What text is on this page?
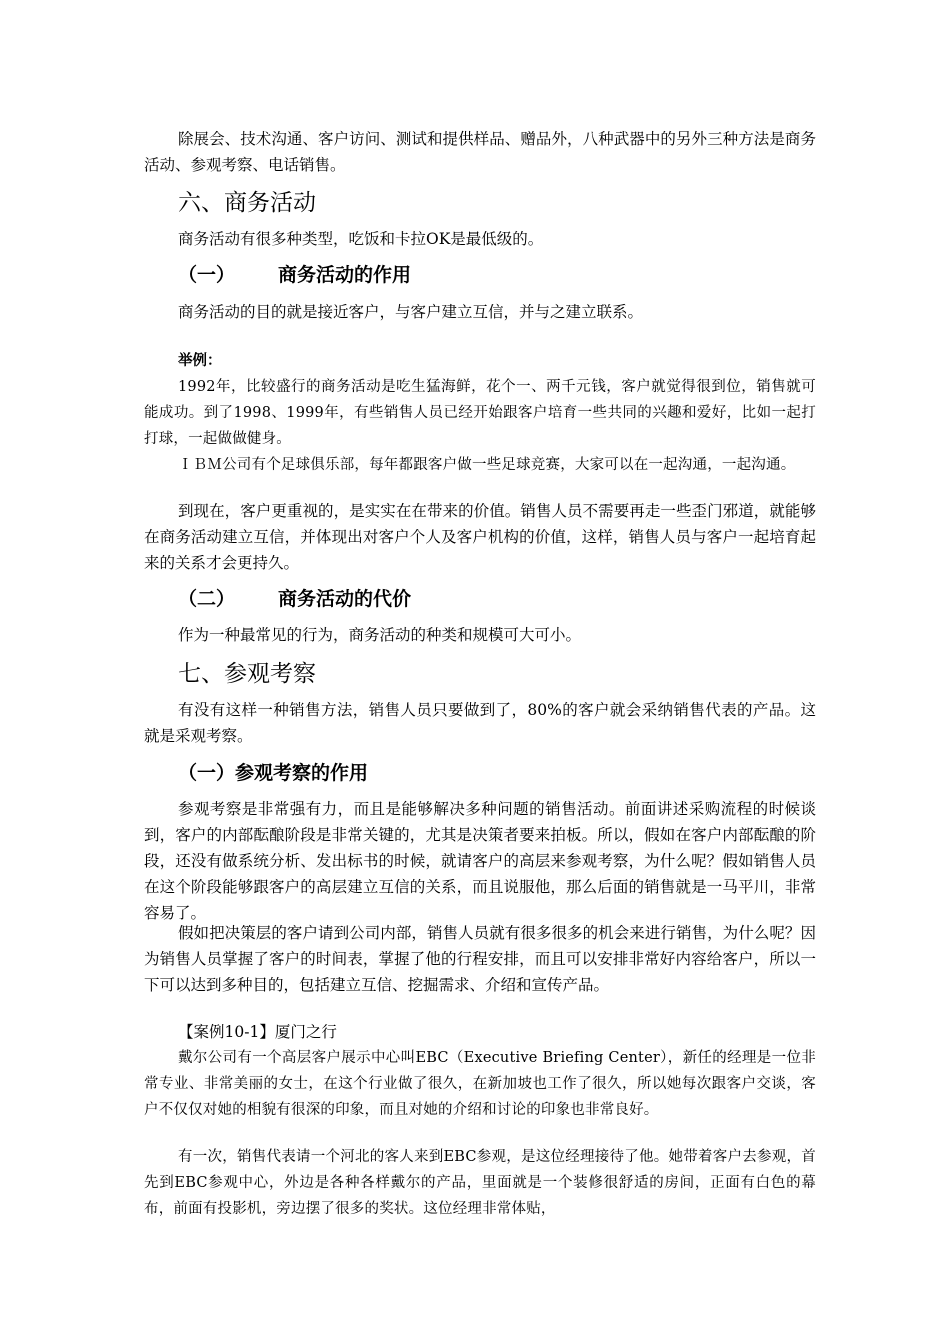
除展会、技术沟通、客户访问、测试和提供样品、赠品外，八种武器中的另外三种方法是商务活动、参观考察、电话销售。

六、商务活动

商务活动有很多种类型，吃饭和卡拉OK是最低级的。

（一） 商务活动的作用

商务活动的目的就是接近客户，与客户建立互信，并与之建立联系。

举例：

1992年，比较盛行的商务活动是吃生猛海鲜，花个一、两千元钱，客户就觉得很到位，销售就可能成功。到了1998、1999年，有些销售人员已经开始跟客户培育一些共同的兴趣和爱好，比如一起打打球，一起做做健身。

ＩＢＭ公司有个足球俱乐部，每年都跟客户做一些足球竞赛，大家可以在一起沟通，一起沟通。

到现在，客户更重视的，是实实在在带来的价值。销售人员不需要再走一些歪门邪道，就能够在商务活动建立互信，并体现出对客户个人及客户机构的价值，这样，销售人员与客户一起培育起来的关系才会更持久。

（二） 商务活动的代价

作为一种最常见的行为，商务活动的种类和规模可大可小。

七、参观考察

有没有这样一种销售方法，销售人员只要做到了，80%的客户就会采纳销售代表的产品。这就是采观考察。

（一）参观考察的作用

参观考察是非常强有力，而且是能够解决多种问题的销售活动。前面讲述采购流程的时候谈到，客户的内部酝酿阶段是非常关键的，尤其是决策者要来拍板。所以，假如在客户内部酝酿的阶段，还没有做系统分析、发出标书的时候，就请客户的高层来参观考察，为什么呢？假如销售人员在这个阶段能够跟客户的高层建立互信的关系，而且说服他，那么后面的销售就是一马平川，非常容易了。

假如把决策层的客户请到公司内部，销售人员就有很多很多的机会来进行销售，为什么呢？因为销售人员掌握了客户的时间表，掌握了他的行程安排，而且可以安排非常好内容给客户，所以一下可以达到多种目的，包括建立互信、挖掘需求、介绍和宣传产品。

【案例10-1】厦门之行

戴尔公司有一个高层客户展示中心叫EBC（Executive Briefing Center），新任的经理是一位非常专业、非常美丽的女士，在这个行业做了很久，在新加坡也工作了很久，所以她每次跟客户交谈，客户不仅仅对她的相貌有很深的印象，而且对她的介绍和讨论的印象也非常良好。

有一次，销售代表请一个河北的客人来到EBC参观，是这位经理接待了他。她带着客户去参观，首先到EBC参观中心，外边是各种各样戴尔的产品，里面就是一个装修很舒适的房间，正面有白色的幕布，前面有投影机，旁边摆了很多的奖状。这位经理非常体贴，
